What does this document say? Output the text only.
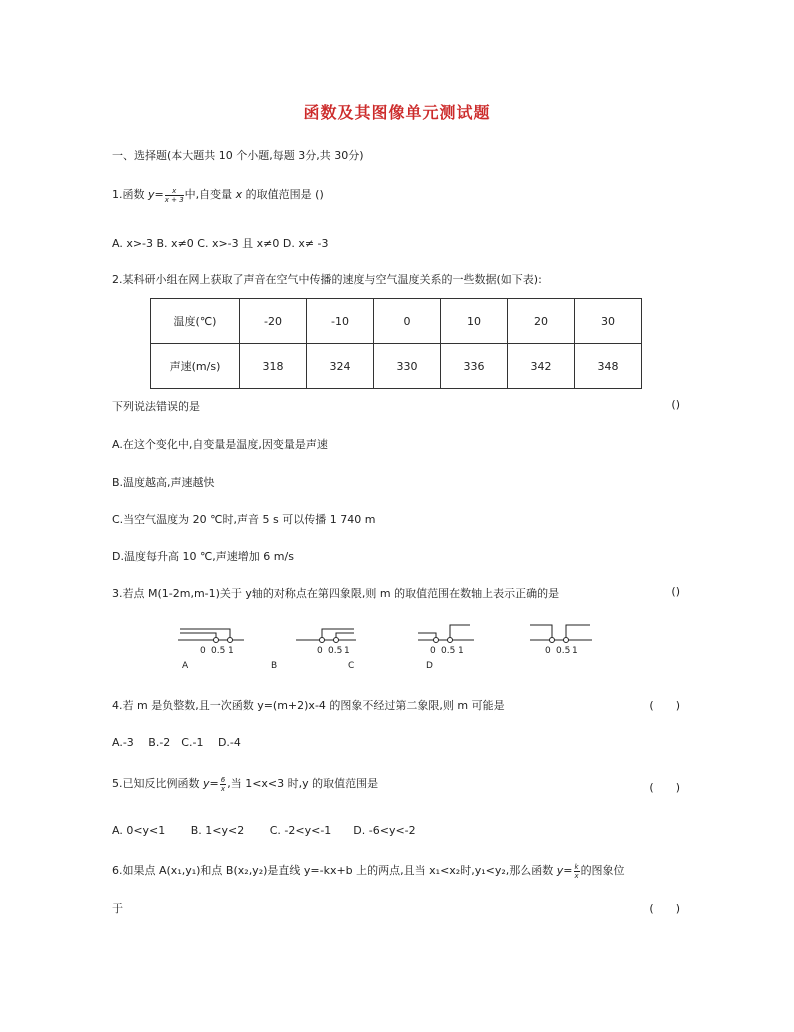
函数及其图像单元测试题
一、选择题(本大题共 10 个小题,每题 3分,共 30分)
1.函数 $y= \frac{x}{x + 3}$ 中,自变量 x 的取值范围是 ()
A. x>-3 B. x≠0 C. x>-3 且 x≠0 D. x≠ -3
2.某科研小组在网上获取了声音在空气中传播的速度与空气温度关系的一些数据(如下表):
温度(℃)	-20	-10	0	10	20	30
声速(m/s)	318	324	330	336	342	348
下列说法错误的是	()
A.在这个变化中,自变量是温度,因变量是声速
B.温度越高,声速越快
C.当空气温度为 20 ℃时,声音 5 s 可以传播 1 740 m
D.温度每升高 10 ℃,声速增加 6 m/s
3.若点 M(1-2m,m-1)关于 y轴的对称点在第四象限,则 m 的取值范围在数轴上表示正确的是	()
0 0.5 1
A
0 0.5 1
B	C
0 0.5 1
D
0 0.5 1
4.若 m 是负整数,且一次函数 y=(m+2)x-4 的图象不经过第二象限,则 m 可能是	(　　)
A.-3　 B.-2　C.-1　 D.-4
5.已知反比例函数 $y= \frac{6}{x}$ ,当 1<x<3 时,y 的取值范围是	(　　)
A. 0<y<1　　 B. 1<y<2　　 C. -2<y<-1　　D. -6<y<-2
6.如果点 A(x₁,y₁)和点 B(x₂,y₂)是直线 y=-kx+b 上的两点,且当 x₁<x₂时,y₁<y₂,那么函数 $y= \frac{k}{x}$ 的图象位
于	(　　)
